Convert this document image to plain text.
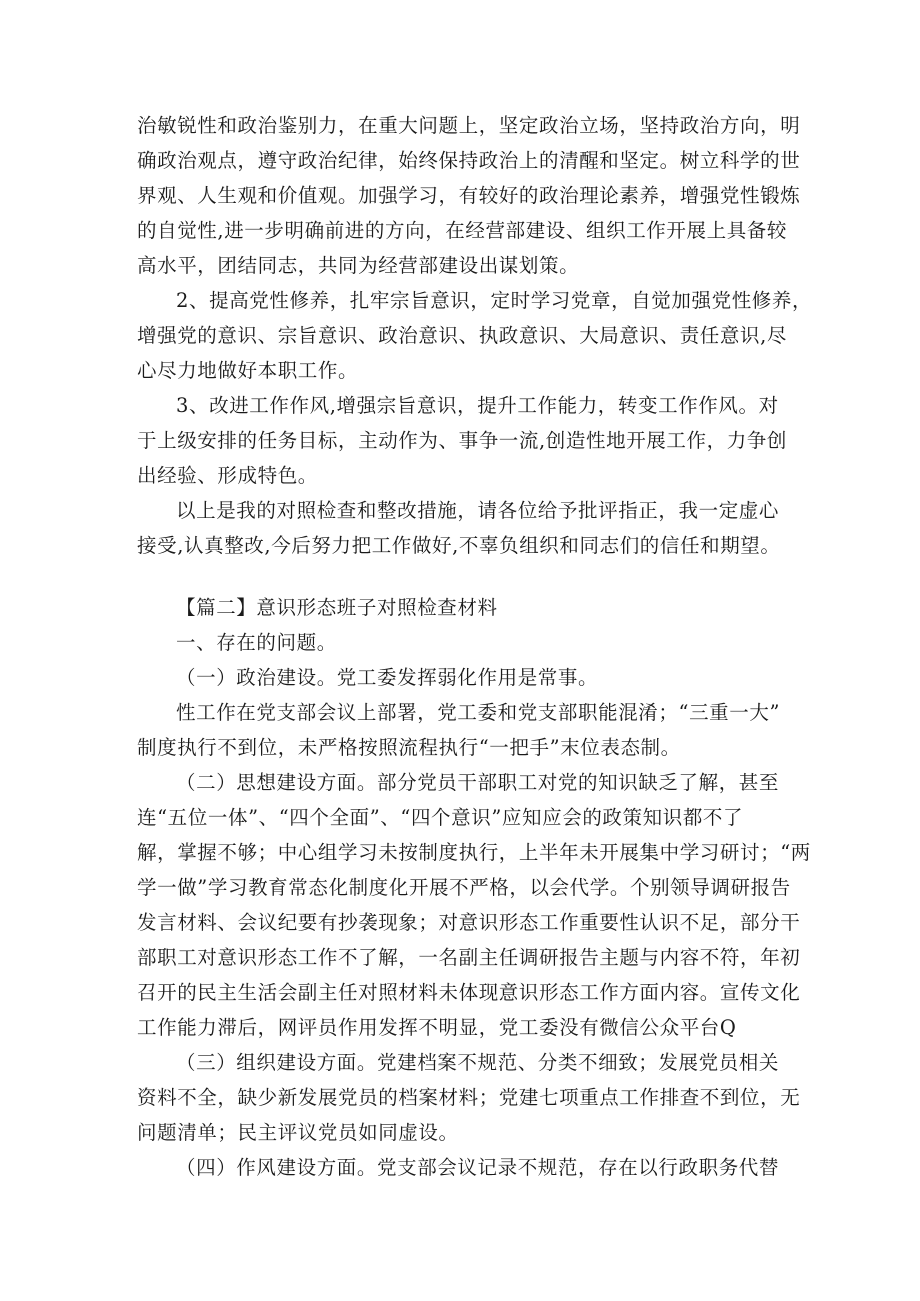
治敏锐性和政治鉴别力，在重大问题上，坚定政治立场，坚持政治方向，明
确政治观点，遵守政治纪律，始终保持政治上的清醒和坚定。树立科学的世
界观、人生观和价值观。加强学习，有较好的政治理论素养，增强党性锻炼
的自觉性,进一步明确前进的方向，在经营部建设、组织工作开展上具备较
高水平，团结同志，共同为经营部建设出谋划策。
2、提高党性修养，扎牢宗旨意识，定时学习党章，自觉加强党性修养，
增强党的意识、宗旨意识、政治意识、执政意识、大局意识、责任意识,尽
心尽力地做好本职工作。
3、改进工作作风,增强宗旨意识，提升工作能力，转变工作作风。对
于上级安排的任务目标，主动作为、事争一流,创造性地开展工作，力争创
出经验、形成特色。
以上是我的对照检查和整改措施，请各位给予批评指正，我一定虚心
接受,认真整改,今后努力把工作做好,不辜负组织和同志们的信任和期望。
【篇二】意识形态班子对照检查材料
一、存在的问题。
（一）政治建设。党工委发挥弱化作用是常事。
性工作在党支部会议上部署，党工委和党支部职能混淆；“三重一大”
制度执行不到位，未严格按照流程执行“一把手”末位表态制。
（二）思想建设方面。部分党员干部职工对党的知识缺乏了解，甚至
连“五位一体”、“四个全面”、“四个意识”应知应会的政策知识都不了
解，掌握不够；中心组学习未按制度执行，上半年未开展集中学习研讨；“两
学一做”学习教育常态化制度化开展不严格，以会代学。个别领导调研报告
发言材料、会议纪要有抄袭现象；对意识形态工作重要性认识不足，部分干
部职工对意识形态工作不了解，一名副主任调研报告主题与内容不符，年初
召开的民主生活会副主任对照材料未体现意识形态工作方面内容。宣传文化
工作能力滞后，网评员作用发挥不明显，党工委没有微信公众平台Q
（三）组织建设方面。党建档案不规范、分类不细致；发展党员相关
资料不全，缺少新发展党员的档案材料；党建七项重点工作排查不到位，无
问题清单；民主评议党员如同虚设。
（四）作风建设方面。党支部会议记录不规范，存在以行政职务代替
